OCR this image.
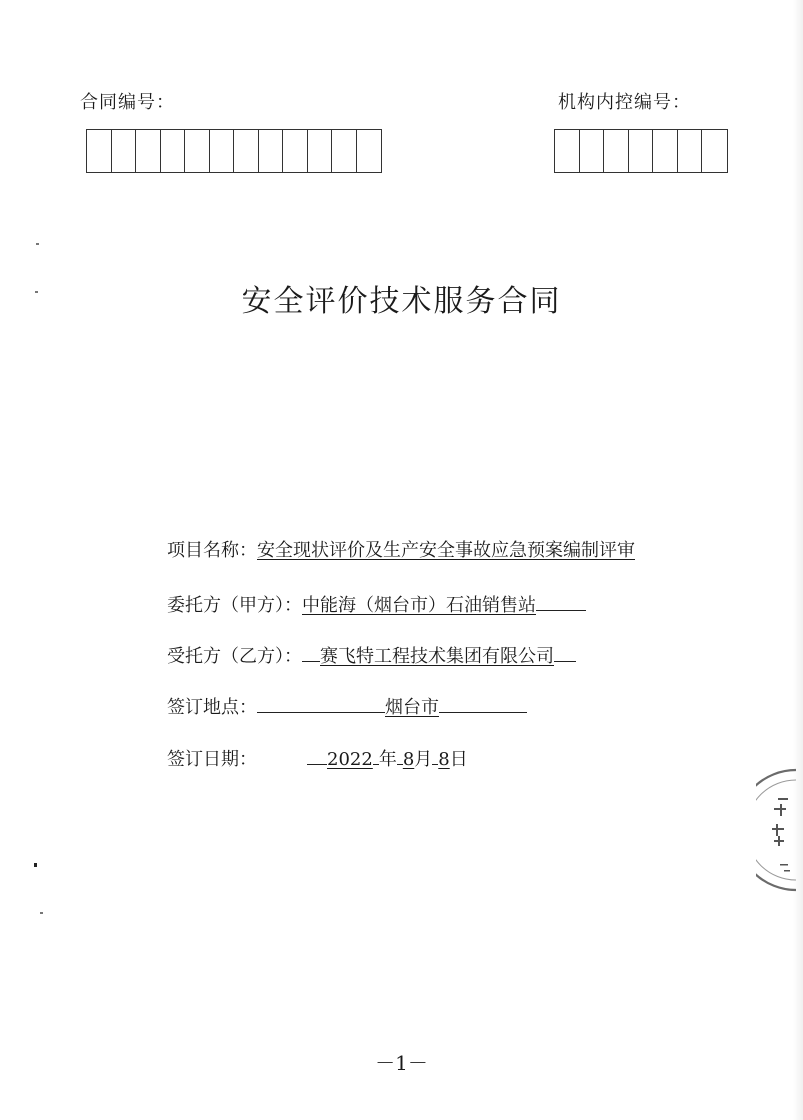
合同编号：	机构内控编号：
安全评价技术服务合同
项目名称：安全现状评价及生产安全事故应急预案编制评审
委托方（甲方）：中能海（烟台市）石油销售站
受托方（乙方）： 赛飞特工程技术集团有限公司
签订地点：	烟台市
签订日期：	2022 年 8月 8日
－1－
